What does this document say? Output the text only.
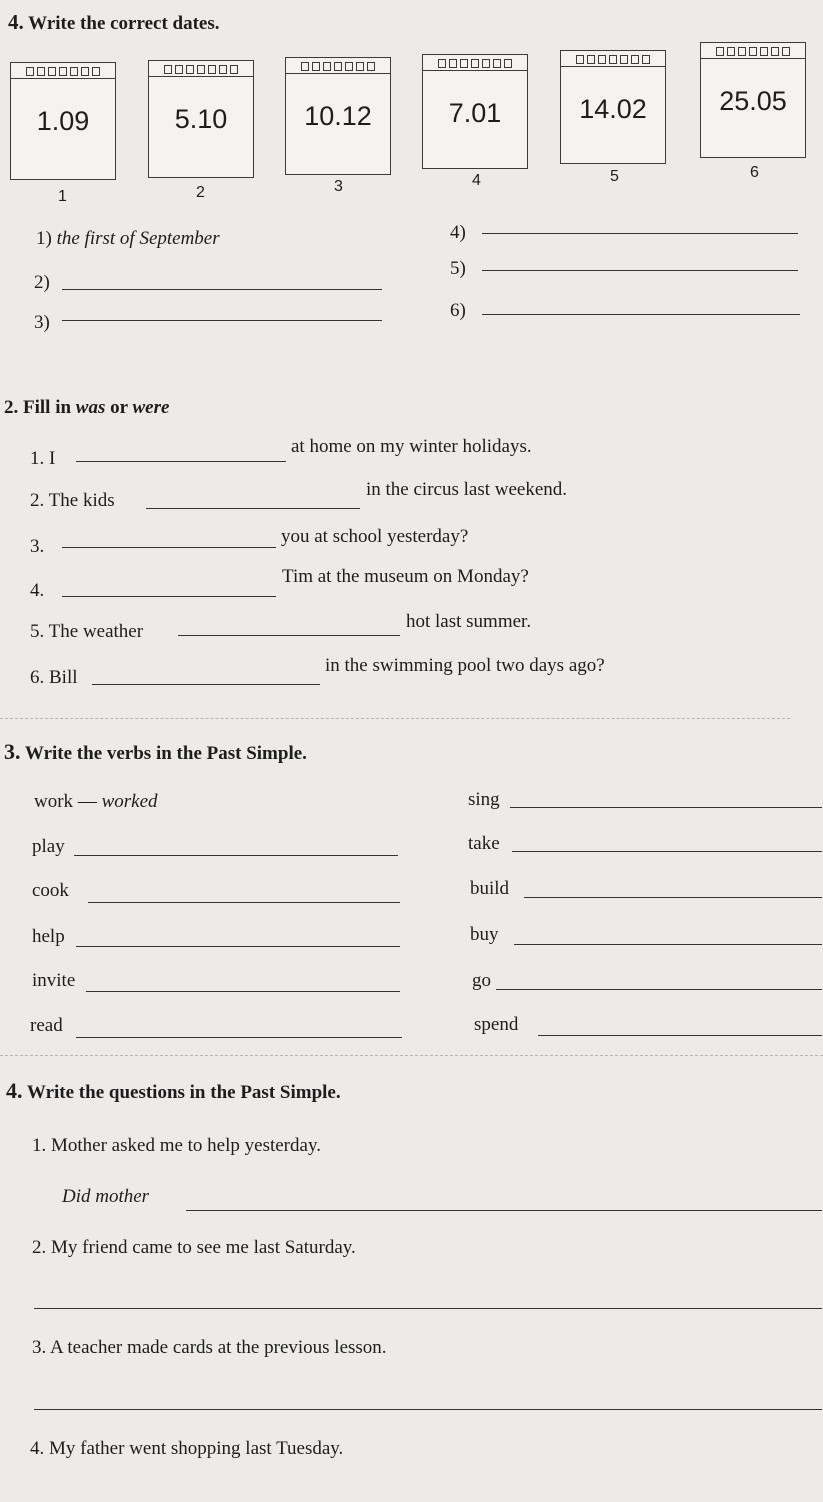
4. Write the correct dates.
1.09
1
5.10
2
10.12
3
7.01
4
14.02
5
25.05
6
1) the first of September
2)
3)
4)
5)
6)
2. Fill in was or were
1. I
at home on my winter holidays.
2. The kids
in the circus last weekend.
3.	you at school yesterday?
4.
Tim at the museum on Monday?
5. The weather	hot last summer.
6. Bill
in the swimming pool two days ago?
3. Write the verbs in the Past Simple.
work — worked
play
cook
help
invite
read
sing
take
build
buy
go
spend
4. Write the questions in the Past Simple.
1. Mother asked me to help yesterday.
Did mother
2. My friend came to see me last Saturday.
3. A teacher made cards at the previous lesson.
4. My father went shopping last Tuesday.
